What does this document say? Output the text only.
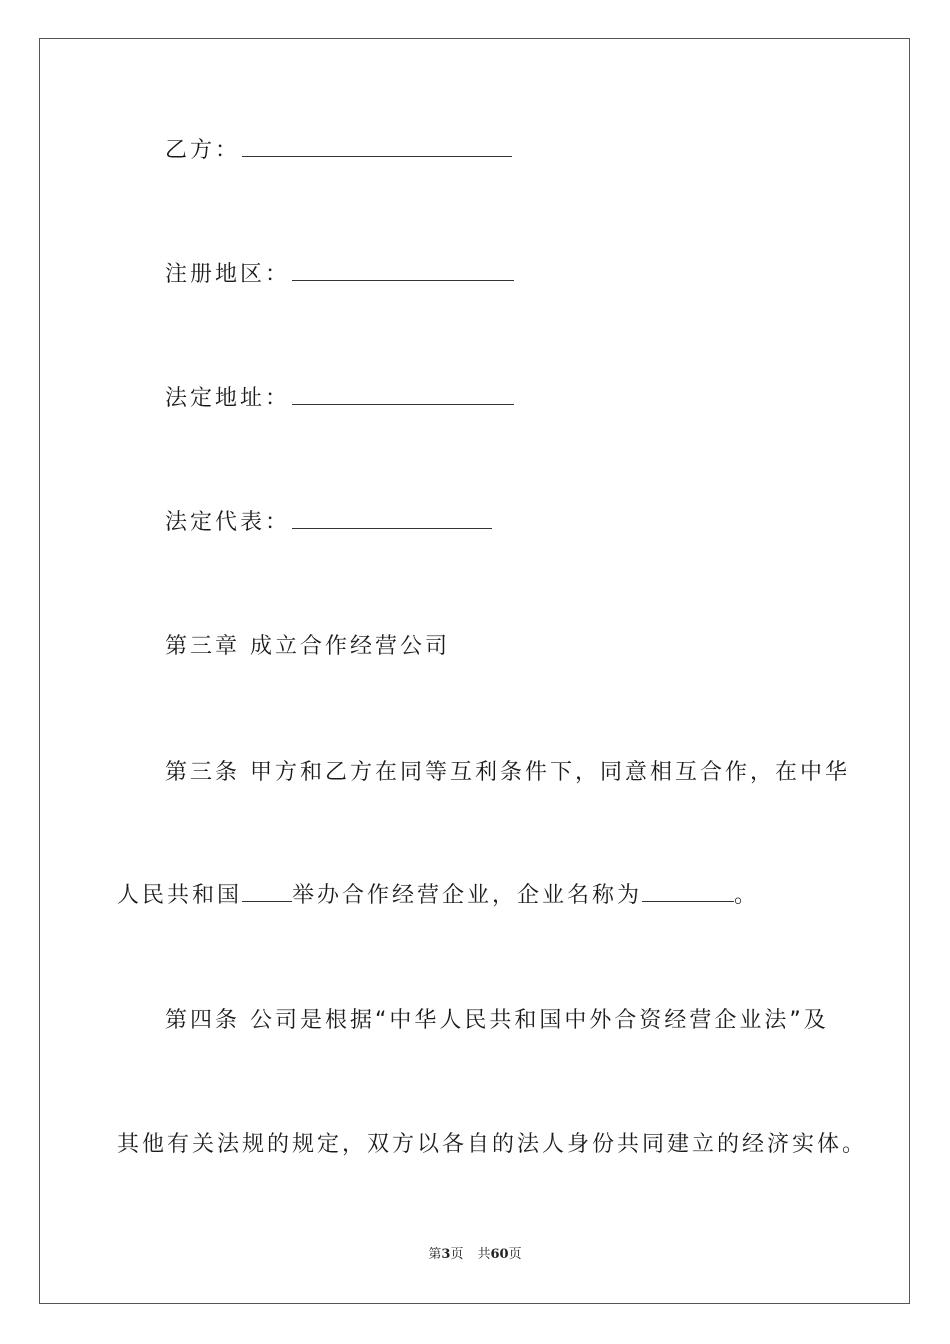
乙方：
注册地区：
法定地址：
法定代表：
第三章 成立合作经营公司
第三条 甲方和乙方在同等互利条件下，同意相互合作，在中华
人民共和国 举办合作经营企业，企业名称为	。
第四条 公司是根据“中华人民共和国中外合资经营企业法”及
其他有关法规的规定，双方以各自的法人身份共同建立的经济实体。
第3页 共60页
